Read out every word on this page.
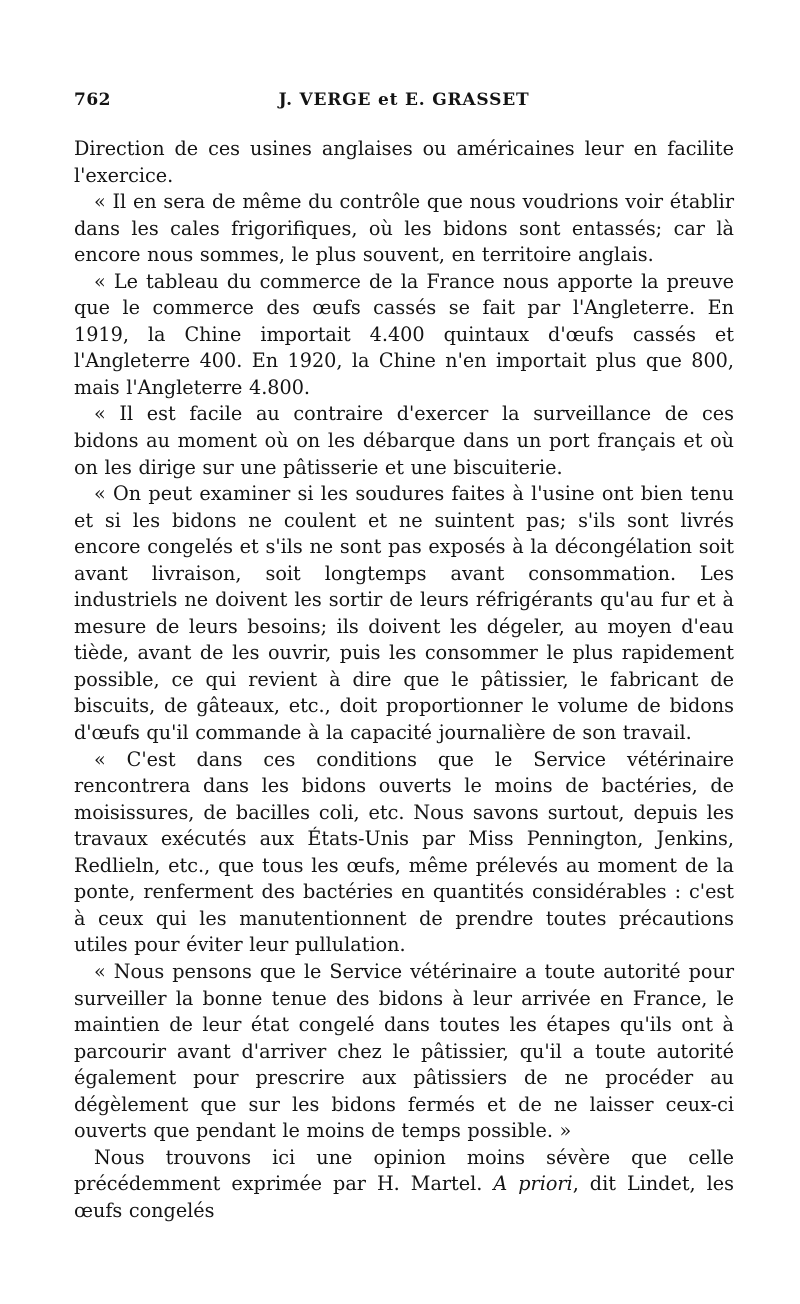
762	J. VERGE et E. GRASSET

Direction de ces usines anglaises ou américaines leur en facilite l'exercice.

« Il en sera de même du contrôle que nous voudrions voir établir dans les cales frigorifiques, où les bidons sont entassés; car là encore nous sommes, le plus souvent, en territoire anglais.

« Le tableau du commerce de la France nous apporte la preuve que le commerce des œufs cassés se fait par l'Angleterre. En 1919, la Chine importait 4.400 quintaux d'œufs cassés et l'Angleterre 400. En 1920, la Chine n'en importait plus que 800, mais l'Angleterre 4.800.

« Il est facile au contraire d'exercer la surveillance de ces bidons au moment où on les débarque dans un port français et où on les dirige sur une pâtisserie et une biscuiterie.

« On peut examiner si les soudures faites à l'usine ont bien tenu et si les bidons ne coulent et ne suintent pas; s'ils sont livrés encore congelés et s'ils ne sont pas exposés à la décongélation soit avant livraison, soit longtemps avant consommation. Les industriels ne doivent les sortir de leurs réfrigérants qu'au fur et à mesure de leurs besoins; ils doivent les dégeler, au moyen d'eau tiède, avant de les ouvrir, puis les consommer le plus rapidement possible, ce qui revient à dire que le pâtissier, le fabricant de biscuits, de gâteaux, etc., doit proportionner le volume de bidons d'œufs qu'il commande à la capacité journalière de son travail.

« C'est dans ces conditions que le Service vétérinaire rencontrera dans les bidons ouverts le moins de bactéries, de moisissures, de bacilles coli, etc. Nous savons surtout, depuis les travaux exécutés aux États-Unis par Miss Pennington, Jenkins, Redlieln, etc., que tous les œufs, même prélevés au moment de la ponte, renferment des bactéries en quantités considérables : c'est à ceux qui les manutentionnent de prendre toutes précautions utiles pour éviter leur pullulation.

« Nous pensons que le Service vétérinaire a toute autorité pour surveiller la bonne tenue des bidons à leur arrivée en France, le maintien de leur état congelé dans toutes les étapes qu'ils ont à parcourir avant d'arriver chez le pâtissier, qu'il a toute autorité également pour prescrire aux pâtissiers de ne procéder au dégèlement que sur les bidons fermés et de ne laisser ceux-ci ouverts que pendant le moins de temps possible. »

Nous trouvons ici une opinion moins sévère que celle précédemment exprimée par H. Martel. A priori, dit Lindet, les œufs congelés
